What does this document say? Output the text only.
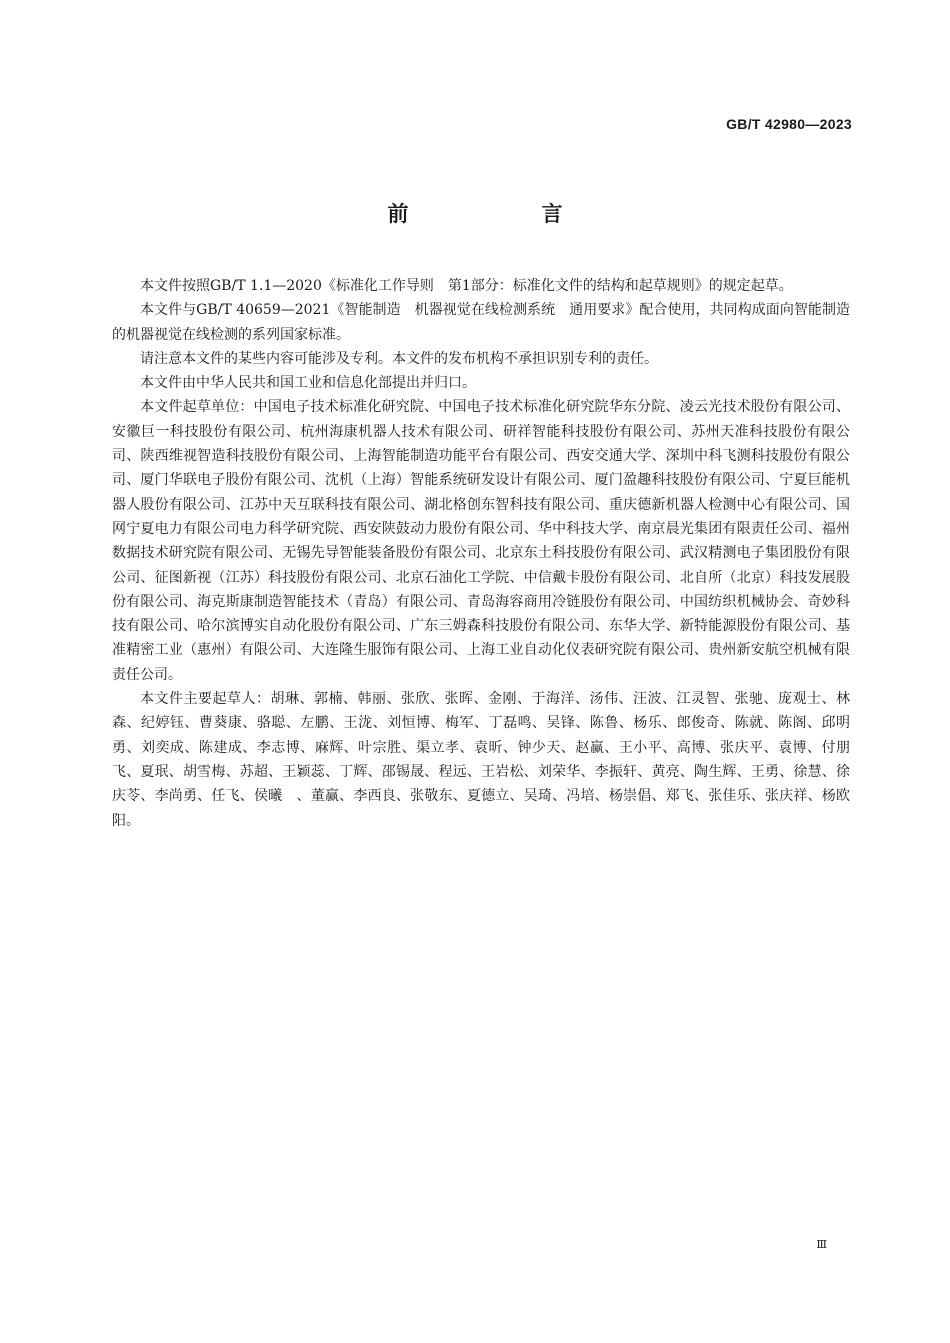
GB/T 42980—2023
前　言

本文件按照GB/T 1.1—2020《标准化工作导则　第1部分：标准化文件的结构和起草规则》的规定起草。

本文件与GB/T 40659—2021《智能制造　机器视觉在线检测系统　通用要求》配合使用，共同构成面向智能制造的机器视觉在线检测的系列国家标准。

请注意本文件的某些内容可能涉及专利。本文件的发布机构不承担识别专利的责任。

本文件由中华人民共和国工业和信息化部提出并归口。

本文件起草单位：中国电子技术标准化研究院、中国电子技术标准化研究院华东分院、凌云光技术股份有限公司、安徽巨一科技股份有限公司、杭州海康机器人技术有限公司、研祥智能科技股份有限公司、苏州天准科技股份有限公司、陕西维视智造科技股份有限公司、上海智能制造功能平台有限公司、西安交通大学、深圳中科飞测科技股份有限公司、厦门华联电子股份有限公司、沈机（上海）智能系统研发设计有限公司、厦门盈趣科技股份有限公司、宁夏巨能机器人股份有限公司、江苏中天互联科技有限公司、湖北格创东智科技有限公司、重庆德新机器人检测中心有限公司、国网宁夏电力有限公司电力科学研究院、西安陕鼓动力股份有限公司、华中科技大学、南京晨光集团有限责任公司、福州数据技术研究院有限公司、无锡先导智能装备股份有限公司、北京东土科技股份有限公司、武汉精测电子集团股份有限公司、征图新视（江苏）科技股份有限公司、北京石油化工学院、中信戴卡股份有限公司、北自所（北京）科技发展股份有限公司、海克斯康制造智能技术（青岛）有限公司、青岛海容商用冷链股份有限公司、中国纺织机械协会、奇妙科技有限公司、哈尔滨博实自动化股份有限公司、广东三姆森科技股份有限公司、东华大学、新特能源股份有限公司、基准精密工业（惠州）有限公司、大连隆生服饰有限公司、上海工业自动化仪表研究院有限公司、贵州新安航空机械有限责任公司。

本文件主要起草人：胡琳、郭楠、韩丽、张欣、张晖、金刚、于海洋、汤伟、汪波、江灵智、张驰、庞观士、林森、纪婷钰、曹葵康、骆聪、左鹏、王泷、刘恒博、梅军、丁磊鸣、吴锋、陈鲁、杨乐、郎俊奇、陈就、陈阁、邱明勇、刘奕成、陈建成、李志博、麻辉、叶宗胜、渠立孝、袁昕、钟少天、赵赢、王小平、高博、张庆平、袁博、付朋飞、夏珉、胡雪梅、苏超、王颖蕊、丁辉、邵锡晟、程远、王岩松、刘荣华、李振轩、黄亮、陶生辉、王勇、徐慧、徐庆苓、李尚勇、任飞、侯曦　、董赢、李西良、张敬东、夏德立、吴琦、冯培、杨崇倡、郑飞、张佳乐、张庆祥、杨欧阳。

Ⅲ
